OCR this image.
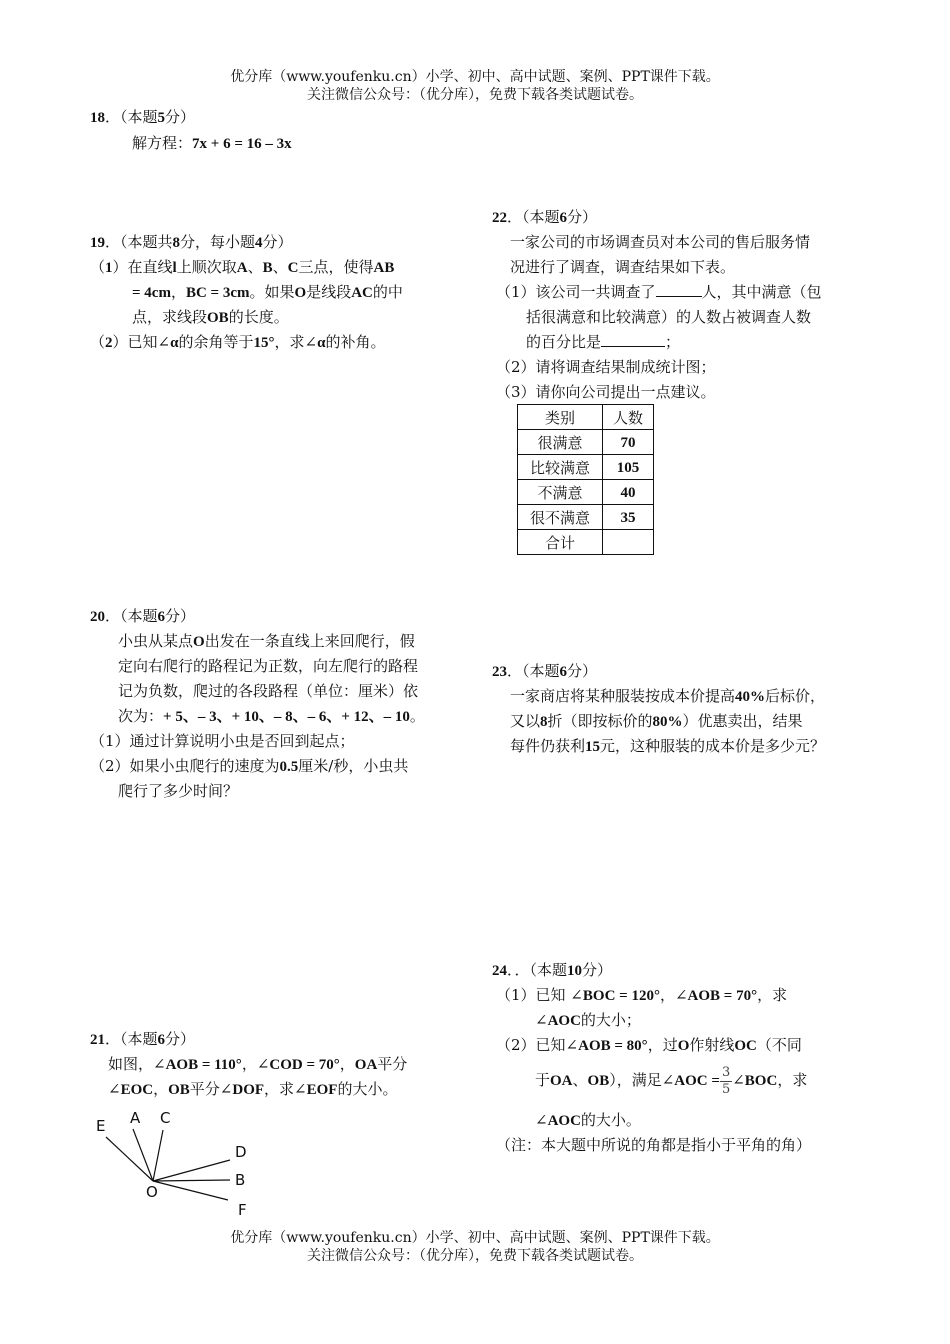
优分库（www.youfenku.cn）小学、初中、高中试题、案例、PPT课件下载。
关注微信公众号：（优分库），免费下载各类试题试卷。
18．（本题5分）
解方程：7x + 6 = 16 – 3x
19．（本题共8分，每小题4分）
（1）在直线l上顺次取A、B、C三点，使得AB
= 4cm，BC = 3cm。如果O是线段AC的中
点，求线段OB的长度。
（2）已知∠α的余角等于15°，求∠α的补角。
20．（本题6分）
小虫从某点O出发在一条直线上来回爬行，假
定向右爬行的路程记为正数，向左爬行的路程
记为负数，爬过的各段路程（单位：厘米）依
次为：+ 5、– 3、+ 10、– 8、– 6、+ 12、– 10。
（1）通过计算说明小虫是否回到起点；
（2）如果小虫爬行的速度为0.5厘米/秒，小虫共
爬行了多少时间？
21．（本题6分）
如图，∠AOB = 110°，∠COD = 70°，OA平分
∠EOC，OB平分∠DOF，求∠EOF的大小。
E A C
D
B
F
O
22．（本题6分）
一家公司的市场调查员对本公司的售后服务情
况进行了调查，调查结果如下表。
（1）该公司一共调查了	人，其中满意（包
括很满意和比较满意）的人数占被调查人数
的百分比是	；
（2）请将调查结果制成统计图；
（3）请你向公司提出一点建议。
类别	人数
很满意	70
比较满意	105
不满意	40
很不满意	35
合计	
23．（本题6分）
一家商店将某种服装按成本价提高40%后标价，
又以8折（即按标价的80%）优惠卖出，结果
每件仍获利15元，这种服装的成本价是多少元？
24．．（本题10分）
（1）已知 ∠BOC = 120°，∠AOB = 70°，求
∠AOC的大小；
（2）已知∠AOB = 80°，过O作射线OC（不同
于OA、OB），满足∠AOC = $\frac{3}{5}$ ∠BOC，求
∠AOC的大小。
（注：本大题中所说的角都是指小于平角的角）
优分库（www.youfenku.cn）小学、初中、高中试题、案例、PPT课件下载。
关注微信公众号：（优分库），免费下载各类试题试卷。
